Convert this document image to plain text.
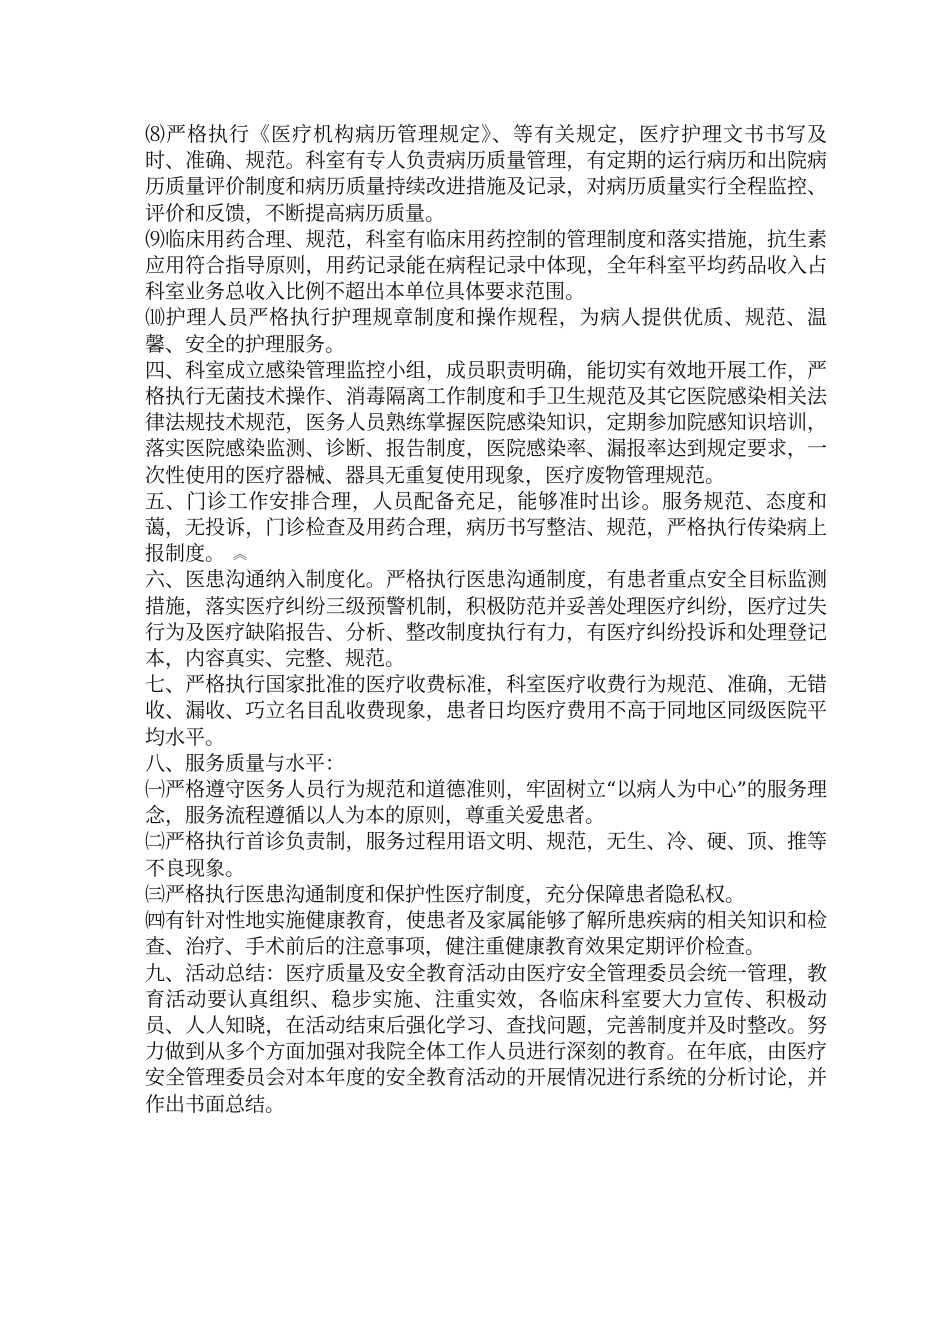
⑻严格执行《医疗机构病历管理规定》、等有关规定，医疗护理文书书写及时、准确、规范。科室有专人负责病历质量管理，有定期的运行病历和出院病历质量评价制度和病历质量持续改进措施及记录，对病历质量实行全程监控、评价和反馈，不断提高病历质量。

⑼临床用药合理、规范，科室有临床用药控制的管理制度和落实措施，抗生素应用符合指导原则，用药记录能在病程记录中体现，全年科室平均药品收入占科室业务总收入比例不超出本单位具体要求范围。

⑽护理人员严格执行护理规章制度和操作规程，为病人提供优质、规范、温馨、安全的护理服务。

四、科室成立感染管理监控小组，成员职责明确，能切实有效地开展工作，严格执行无菌技术操作、消毒隔离工作制度和手卫生规范及其它医院感染相关法律法规技术规范，医务人员熟练掌握医院感染知识，定期参加院感知识培训，落实医院感染监测、诊断、报告制度，医院感染率、漏报率达到规定要求，一次性使用的医疗器械、器具无重复使用现象，医疗废物管理规范。

五、门诊工作安排合理，人员配备充足，能够准时出诊。服务规范、态度和蔼，无投诉，门诊检查及用药合理，病历书写整洁、规范，严格执行传染病上报制度。 ︽

六、医患沟通纳入制度化。严格执行医患沟通制度，有患者重点安全目标监测措施，落实医疗纠纷三级预警机制，积极防范并妥善处理医疗纠纷，医疗过失行为及医疗缺陷报告、分析、整改制度执行有力，有医疗纠纷投诉和处理登记本，内容真实、完整、规范。

七、严格执行国家批准的医疗收费标准，科室医疗收费行为规范、准确，无错收、漏收、巧立名目乱收费现象，患者日均医疗费用不高于同地区同级医院平均水平。

八、服务质量与水平：

㈠严格遵守医务人员行为规范和道德准则，牢固树立“以病人为中心”的服务理念，服务流程遵循以人为本的原则，尊重关爱患者。

㈡严格执行首诊负责制，服务过程用语文明、规范，无生、冷、硬、顶、推等不良现象。

㈢严格执行医患沟通制度和保护性医疗制度，充分保障患者隐私权。

㈣有针对性地实施健康教育，使患者及家属能够了解所患疾病的相关知识和检查、治疗、手术前后的注意事项，健注重健康教育效果定期评价检查。

九、活动总结：医疗质量及安全教育活动由医疗安全管理委员会统一管理，教育活动要认真组织、稳步实施、注重实效，各临床科室要大力宣传、积极动员、人人知晓，在活动结束后强化学习、查找问题，完善制度并及时整改。努力做到从多个方面加强对我院全体工作人员进行深刻的教育。在年底，由医疗安全管理委员会对本年度的安全教育活动的开展情况进行系统的分析讨论，并作出书面总结。
